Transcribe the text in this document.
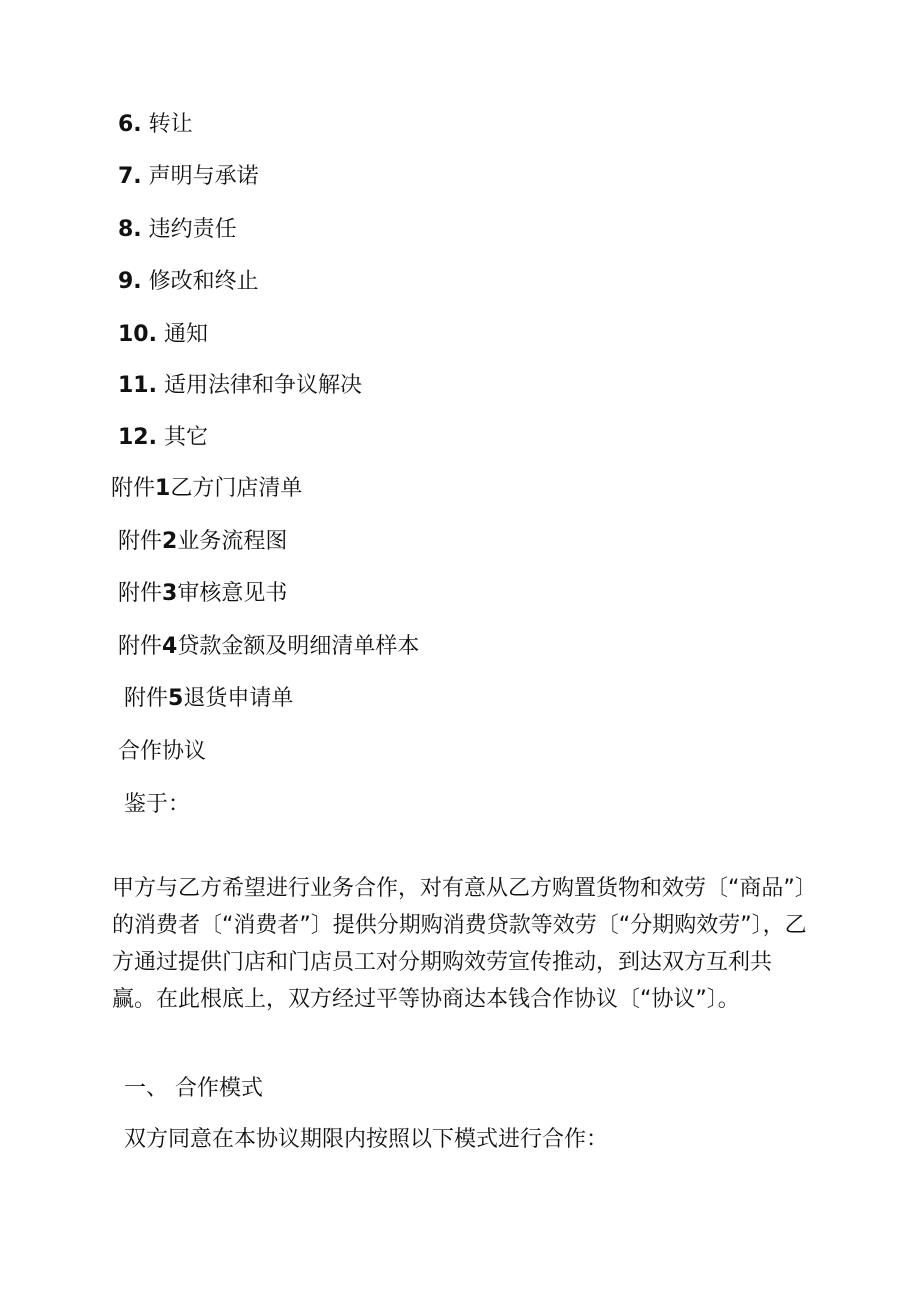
6. 转让
7. 声明与承诺
8. 违约责任
9. 修改和终止
10. 通知
11. 适用法律和争议解决
12. 其它
附件1乙方门店清单
附件2业务流程图
附件3审核意见书
附件4贷款金额及明细清单样本
附件5退货申请单
合作协议
鉴于：
甲方与乙方希望进行业务合作，对有意从乙方购置货物和效劳〔“商品”〕的消费者〔“消费者”〕提供分期购消费贷款等效劳〔“分期购效劳”〕，乙方通过提供门店和门店员工对分期购效劳宣传推动，到达双方互利共赢。在此根底上，双方经过平等协商达本钱合作协议〔“协议”〕。
一、 合作模式
双方同意在本协议期限内按照以下模式进行合作：
